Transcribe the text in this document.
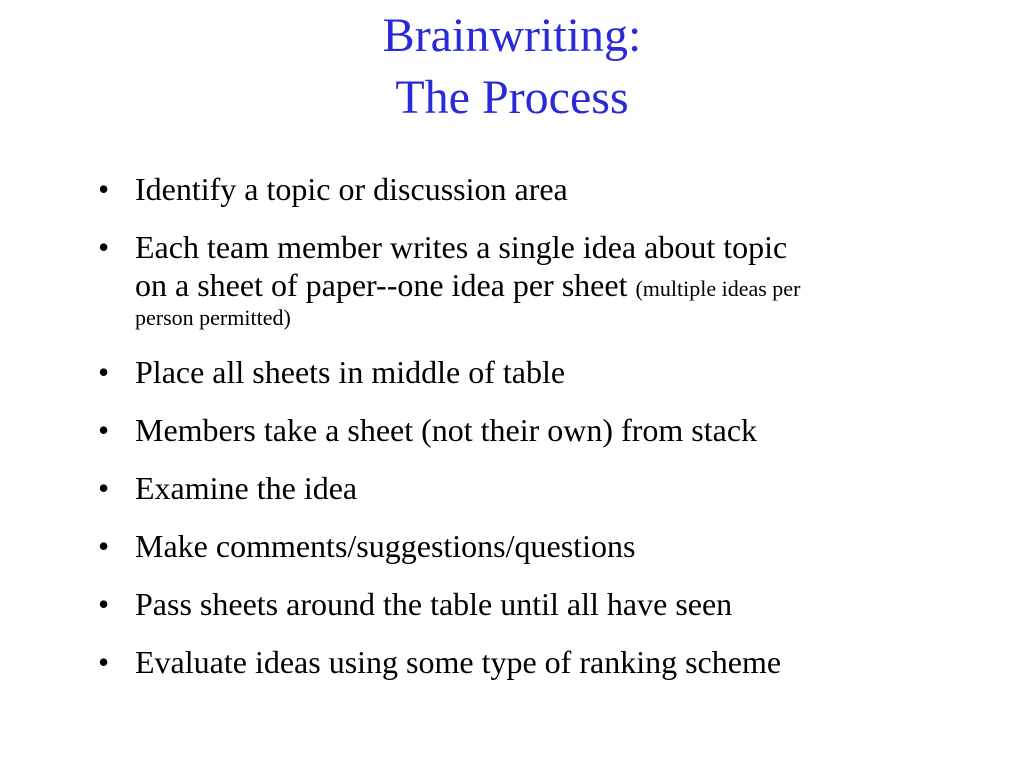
Brainwriting:
The Process
• Identify a topic or discussion area
• Each team member writes a single idea about topic
on a sheet of paper--one idea per sheet (multiple ideas per
person permitted)
• Place all sheets in middle of table
• Members take a sheet (not their own) from stack
• Examine the idea
• Make comments/suggestions/questions
• Pass sheets around the table until all have seen
• Evaluate ideas using some type of ranking scheme
